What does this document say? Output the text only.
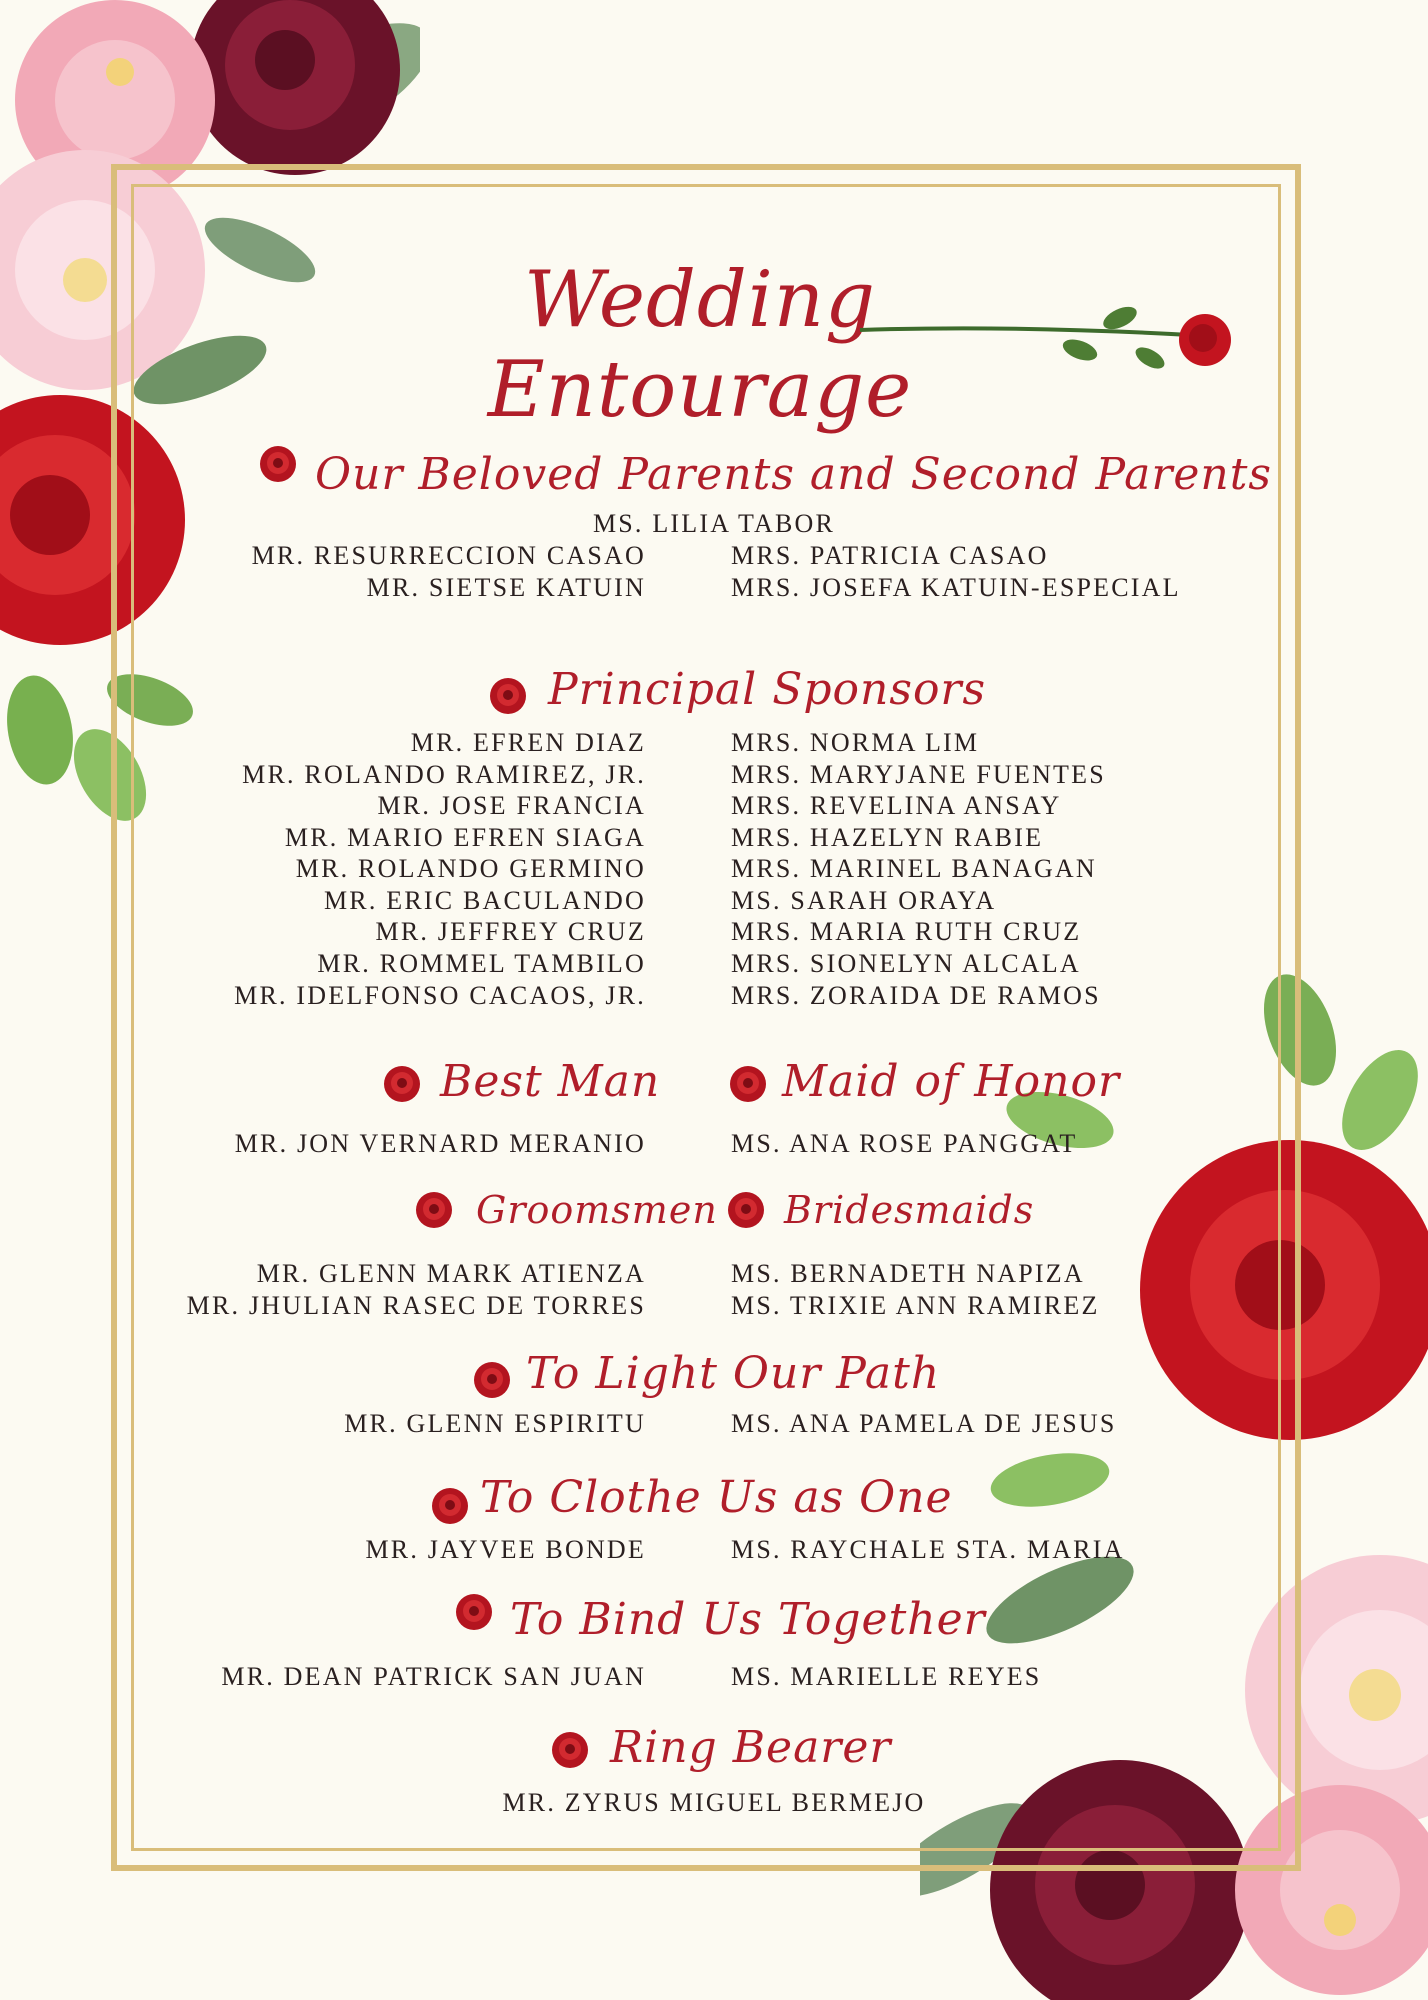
Wedding Entourage
Our Beloved Parents and Second Parents
MS. LILIA TABOR
MR. RESURRECCION CASAO	MRS. PATRICIA CASAO
MR. SIETSE KATUIN	MRS. JOSEFA KATUIN-ESPECIAL
Principal Sponsors
MR. EFREN DIAZ	MRS. NORMA LIM
MR. ROLANDO RAMIREZ, JR.	MRS. MARYJANE FUENTES
MR. JOSE FRANCIA	MRS. REVELINA ANSAY
MR. MARIO EFREN SIAGA	MRS. HAZELYN RABIE
MR. ROLANDO GERMINO	MRS. MARINEL BANAGAN
MR. ERIC BACULANDO	MS. SARAH ORAYA
MR. JEFFREY CRUZ	MRS. MARIA RUTH CRUZ
MR. ROMMEL TAMBILO	MRS. SIONELYN ALCALA
MR. IDELFONSO CACAOS, JR.	MRS. ZORAIDA DE RAMOS
Best Man	Maid of Honor
MR. JON VERNARD MERANIO	MS. ANA ROSE PANGGAT
Groomsmen Bridesmaids
MR. GLENN MARK ATIENZA	MS. BERNADETH NAPIZA
MR. JHULIAN RASEC DE TORRES	MS. TRIXIE ANN RAMIREZ
To Light Our Path
MR. GLENN ESPIRITU	MS. ANA PAMELA DE JESUS
To Clothe Us as One
MR. JAYVEE BONDE	MS. RAYCHALE STA. MARIA
To Bind Us Together
MR. DEAN PATRICK SAN JUAN	MS. MARIELLE REYES
Ring Bearer
MR. ZYRUS MIGUEL BERMEJO
